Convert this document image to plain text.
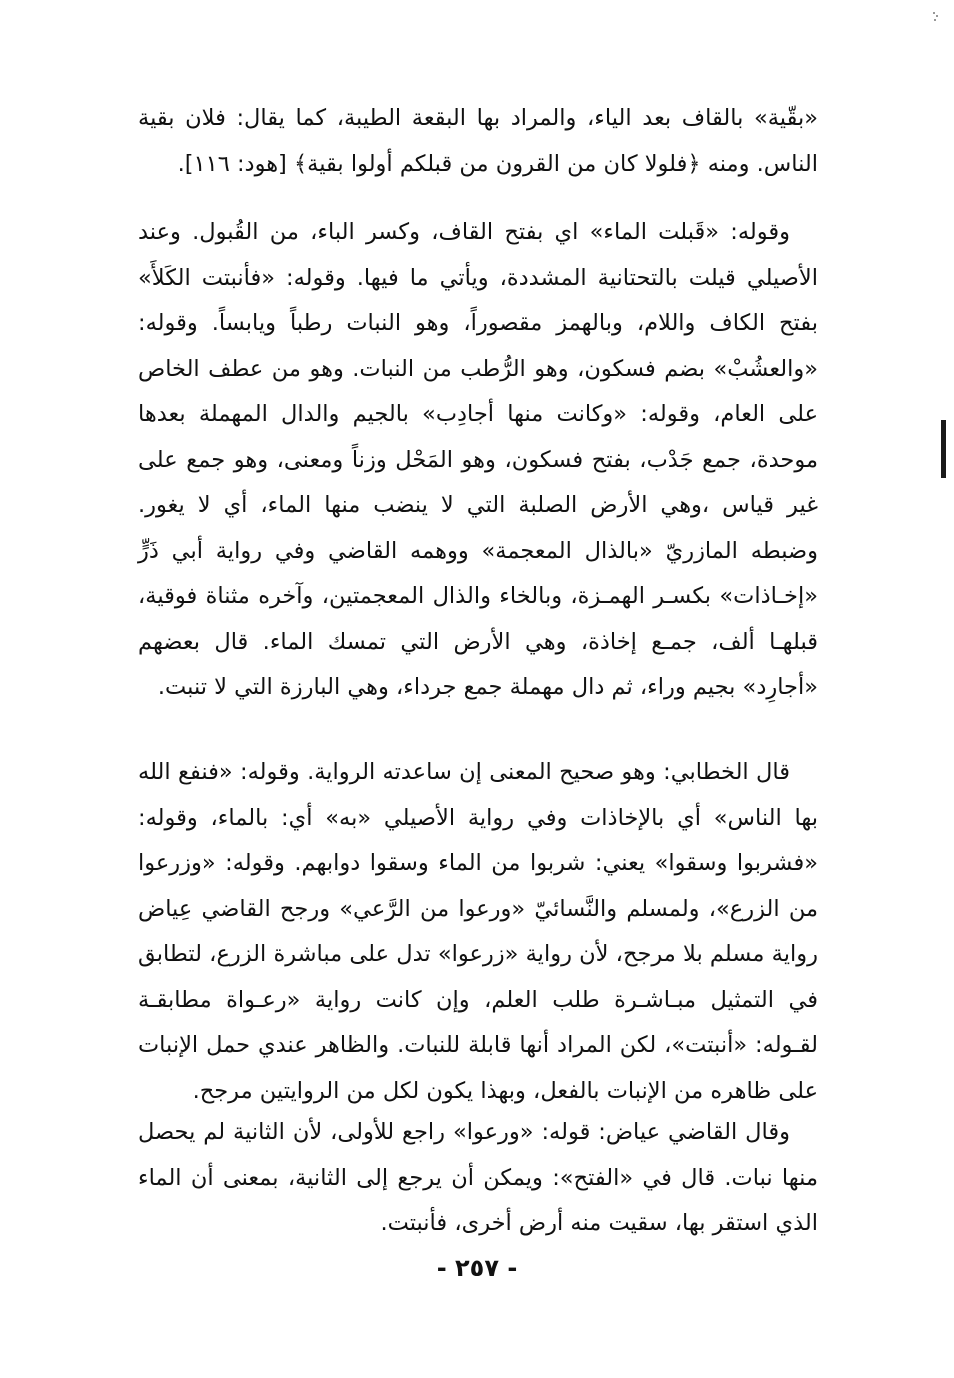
«بقّية» بالقاف بعد الياء، والمراد بها البقعة الطيبة، كما يقال: فلان بقية الناس. ومنه ﴿فلولا كان من القرون من قبلكم أولوا بقية﴾ [هود: ١١٦].

وقوله: «قَبلت الماء» اي بفتح القاف، وكسر الباء، من القُبول. وعند الأصيلي قيلت بالتحتانية المشددة، ويأتي ما فيها. وقوله: «فأنبتت الكَلأَ» بفتح الكاف واللام، وبالهمز مقصوراً، وهو النبات رطباً ويابساً. وقوله: «والعشُبْ» بضم فسكون، وهو الرُّطب من النبات. وهو من عطف الخاص على العام، وقوله: «وكانت منها أجادِب» بالجيم والدال المهملة بعدها موحدة، جمع جَدْب، بفتح فسكون، وهو المَحْل وزناً ومعنى، وهو جمع على غير قياس ،وهي الأرض الصلبة التي لا ينضب منها الماء، أي لا يغور. وضبطه المازريّ «بالذال المعجمة» ووهمه القاضي وفي رواية أبي ذَرٍّ «إخـاذات» بكسـر الهمـزة، وبالخاء والذال المعجمتين، وآخره مثناة فوقية، قبلهـا ألف، جمـع إخاذة، وهي الأرض التي تمسك الماء. قال بعضهم «أجارِد» بجيم وراء، ثم دال مهملة جمع جرداء، وهي البارزة التي لا تنبت.

قال الخطابي: وهو صحيح المعنى إن ساعدته الرواية. وقوله: «فنفع الله بها الناس» أي بالإخاذات وفي رواية الأصيلي «به» أي: بالماء، وقوله: «فشربوا وسقوا» يعني: شربوا من الماء وسقوا دوابهم. وقوله: «وزرعوا من الزرع»، ولمسلم والنَّسائيّ «ورعوا من الرَّعي» ورجح القاضي عِياض رواية مسلم بلا مرجح، لأن رواية «زرعوا» تدل على مباشرة الزرع، لتطابق في التمثيل مبـاشـرة طلب العلم، وإن كانت رواية «رعـواة مطابقـة لقـوله: «أنبتت»، لكن المراد أنها قابلة للنبات. والظاهر عندي حمل الإنبات على ظاهره من الإنبات بالفعل، وبهذا يكون لكل من الروايتين مرجح.

وقال القاضي عياض: قوله: «ورعوا» راجع للأولى، لأن الثانية لم يحصل منها نبات. قال في «الفتح»: ويمكن أن يرجع إلى الثانية، بمعنى أن الماء الذي استقر بها، سقيت منه أرض أخرى، فأنبتت.

- ٢٥٧ -
